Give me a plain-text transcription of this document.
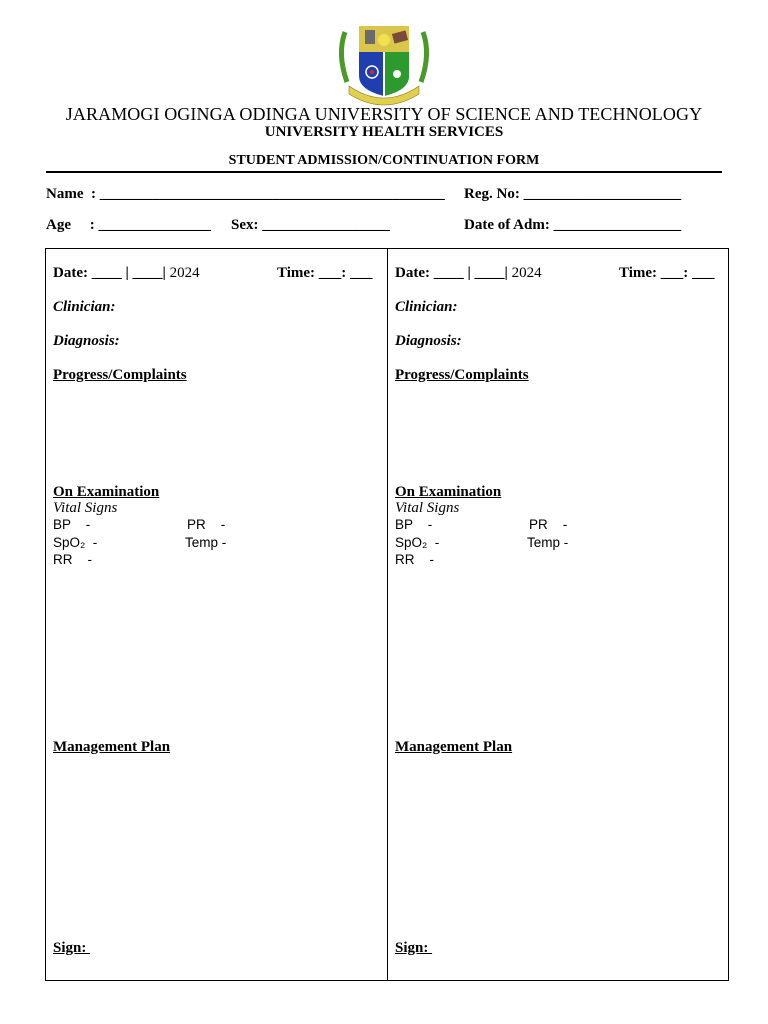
JARAMOGI OGINGA ODINGA UNIVERSITY OF SCIENCE AND TECHNOLOGY
UNIVERSITY HEALTH SERVICES
STUDENT ADMISSION/CONTINUATION FORM
Name  : ______________________________________________ Reg. No: _____________________
Age     : _______________ Sex: _________________	Date of Adm: _________________
Date: ____ | ____| 2024	Time: ___: ___
Clinician:
Diagnosis:
Progress/Complaints
On Examination
Vital Signs
BP    -	PR    -
SpO₂  -	Temp -
RR    -
Management Plan
Sign:
Date: ____ | ____| 2024	Time: ___: ___
Clinician:
Diagnosis:
Progress/Complaints
On Examination
Vital Signs
BP    -	PR    -
SpO₂  -	Temp -
RR    -
Management Plan
Sign:
